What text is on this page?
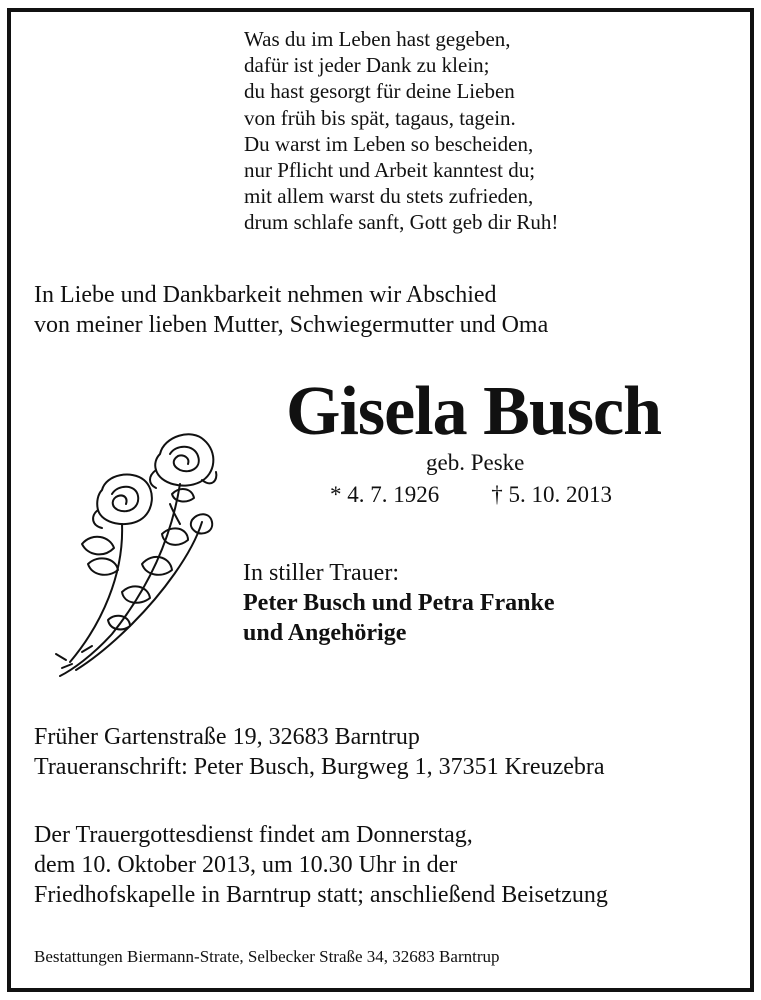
Was du im Leben hast gegeben,
dafür ist jeder Dank zu klein;
du hast gesorgt für deine Lieben
von früh bis spät, tagaus, tagein.
Du warst im Leben so bescheiden,
nur Pflicht und Arbeit kanntest du;
mit allem warst du stets zufrieden,
drum schlafe sanft, Gott geb dir Ruh!
In Liebe und Dankbarkeit nehmen wir Abschied
von meiner lieben Mutter, Schwiegermutter und Oma
Gisela Busch
geb. Peske
* 4. 7. 1926 † 5. 10. 2013
In stiller Trauer:
Peter Busch und Petra Franke
und Angehörige
Früher Gartenstraße 19, 32683 Barntrup
Traueranschrift: Peter Busch, Burgweg 1, 37351 Kreuzebra
Der Trauergottesdienst findet am Donnerstag,
dem 10. Oktober 2013, um 10.30 Uhr in der
Friedhofskapelle in Barntrup statt; anschließend Beisetzung
Bestattungen Biermann-Strate, Selbecker Straße 34, 32683 Barntrup
